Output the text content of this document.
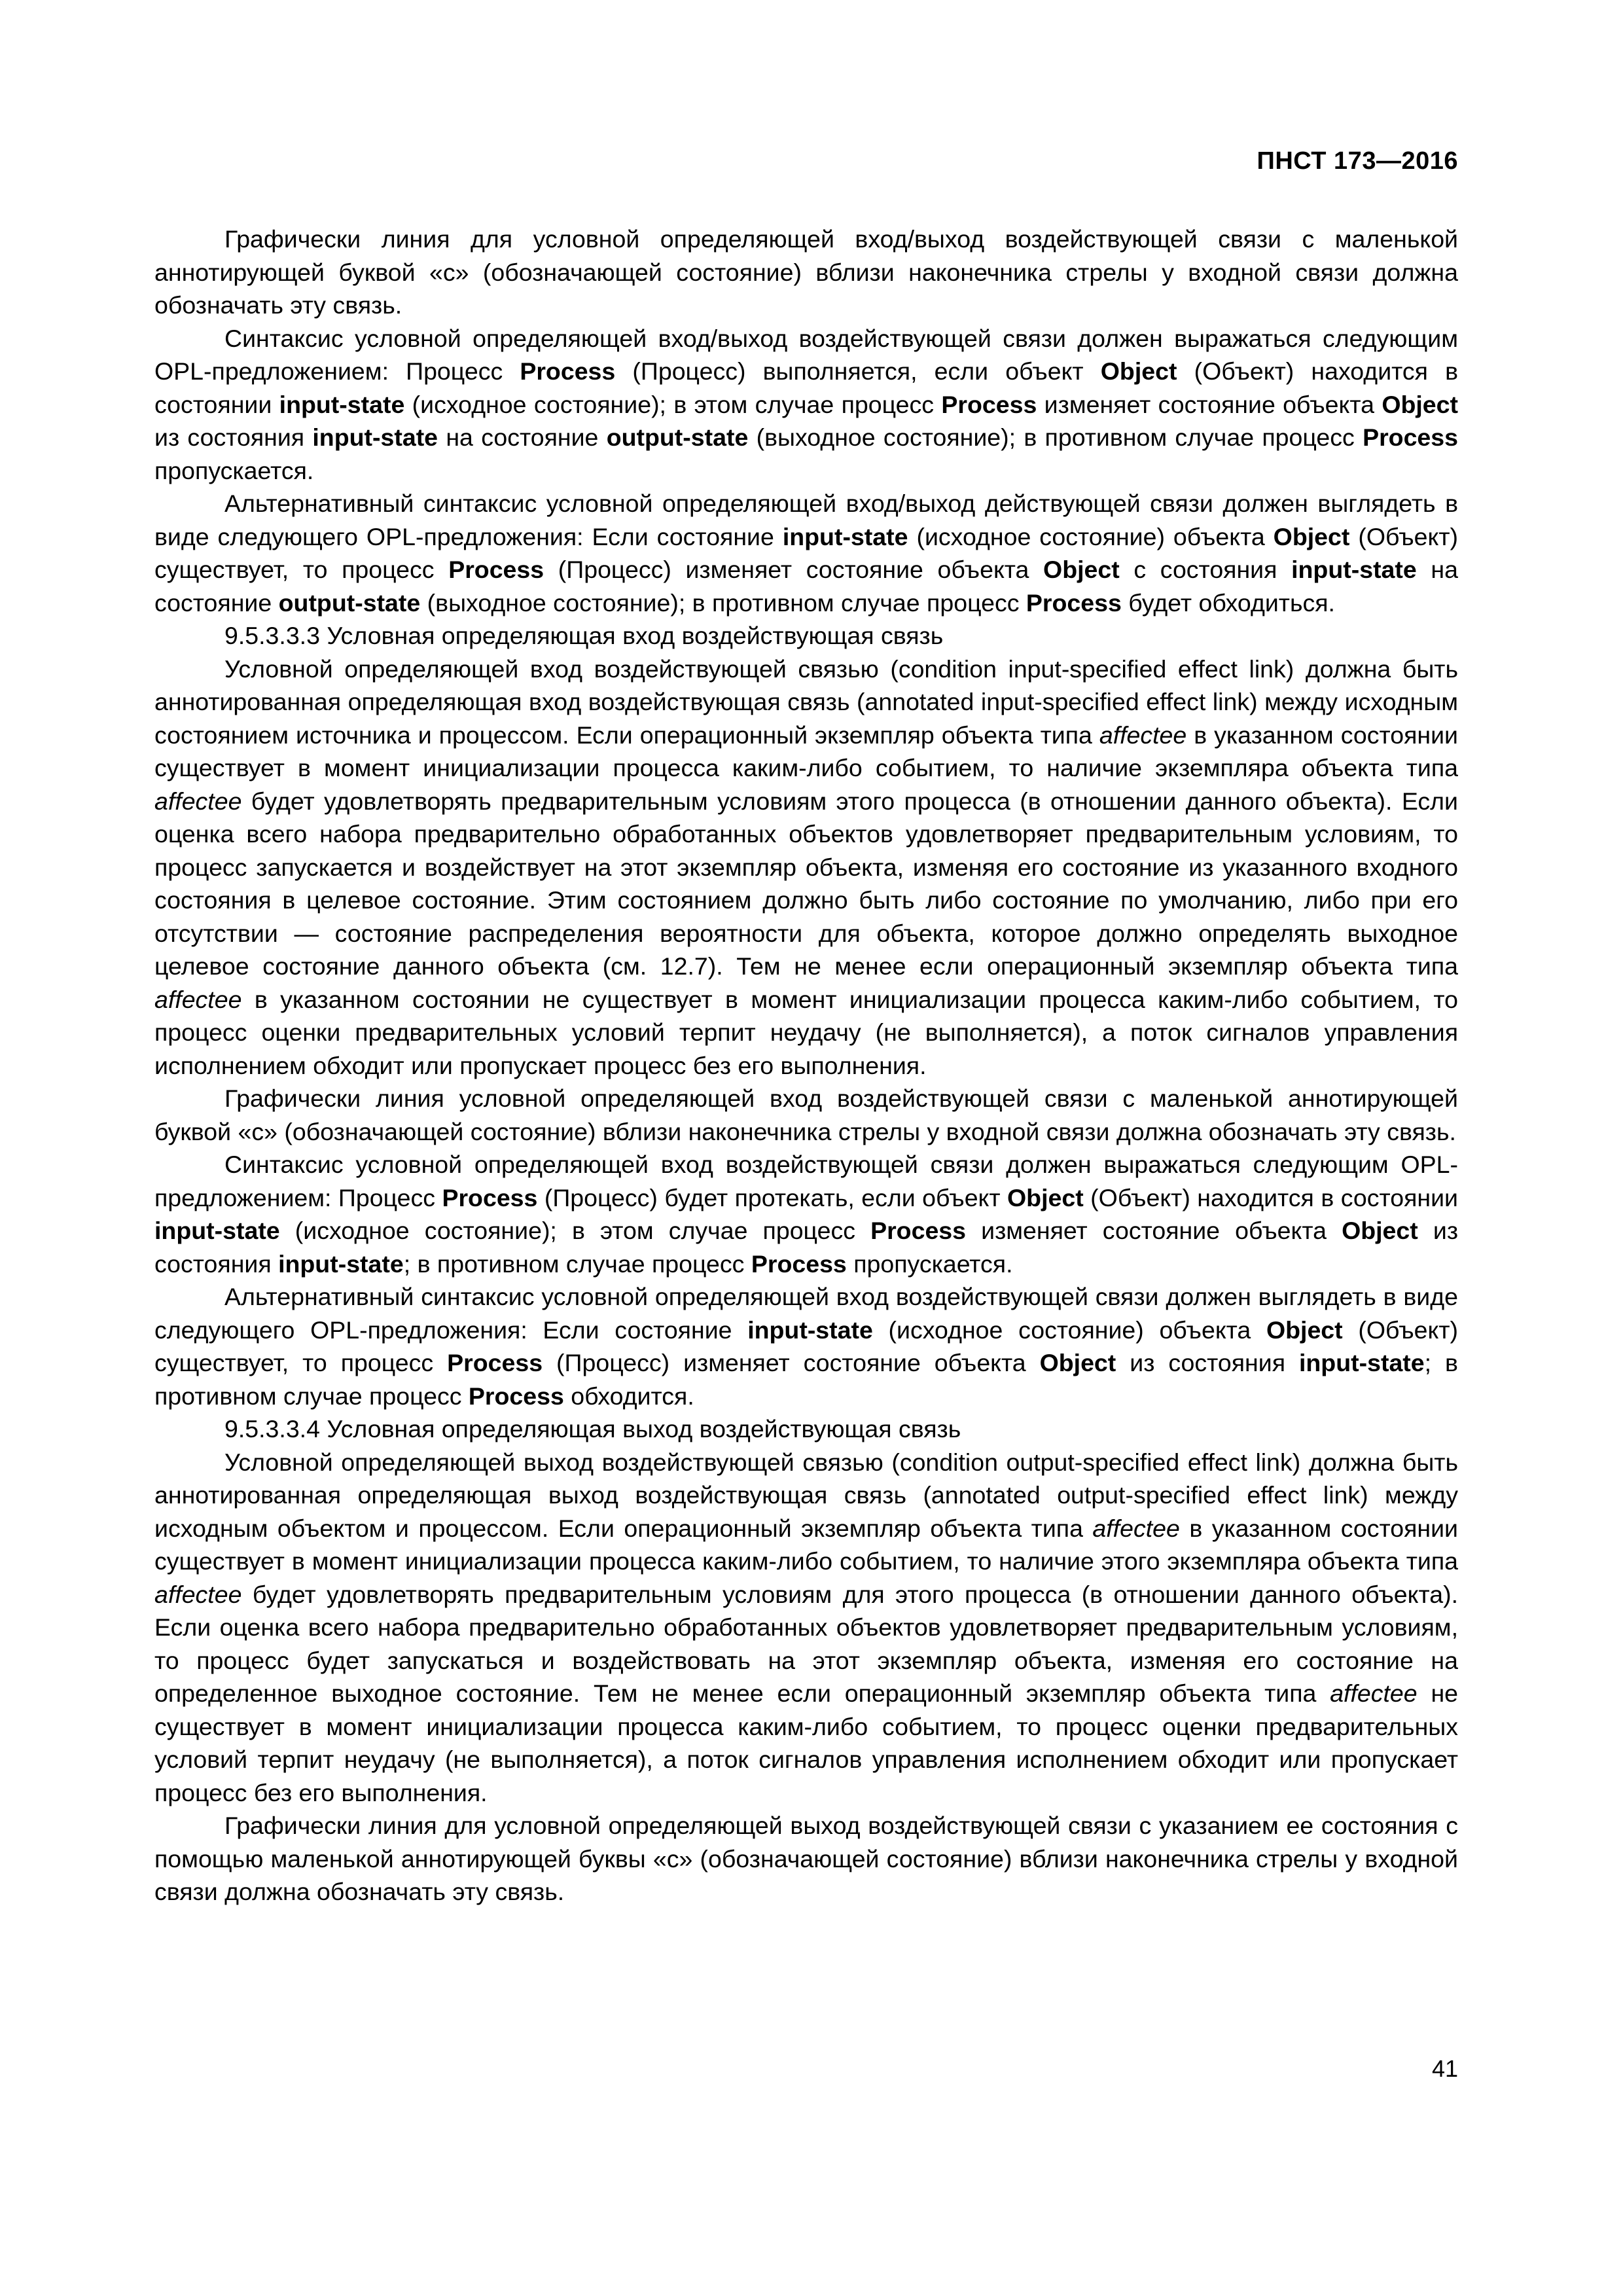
ПНСТ 173—2016

Графически линия для условной определяющей вход/выход воздействующей связи с маленькой аннотирующей буквой «с» (обозначающей состояние) вблизи наконечника стрелы у входной связи должна обозначать эту связь.

Синтаксис условной определяющей вход/выход воздействующей связи должен выражаться следующим OPL-предложением: Процесс Process (Процесс) выполняется, если объект Object (Объект) находится в состоянии input-state (исходное состояние); в этом случае процесс Process изменяет состояние объекта Object из состояния input-state на состояние output-state (выходное состояние); в противном случае процесс Process пропускается.

Альтернативный синтаксис условной определяющей вход/выход действующей связи должен выглядеть в виде следующего OPL-предложения: Если состояние input-state (исходное состояние) объекта Object (Объект) существует, то процесс Process (Процесс) изменяет состояние объекта Object с состояния input-state на состояние output-state (выходное состояние); в противном случае процесс Process будет обходиться.

9.5.3.3.3 Условная определяющая вход воздействующая связь

Условной определяющей вход воздействующей связью (condition input-specified effect link) должна быть аннотированная определяющая вход воздействующая связь (annotated input-specified effect link) между исходным состоянием источника и процессом. Если операционный экземпляр объекта типа affectee в указанном состоянии существует в момент инициализации процесса каким-либо событием, то наличие экземпляра объекта типа affectee будет удовлетворять предварительным условиям этого процесса (в отношении данного объекта). Если оценка всего набора предварительно обработанных объектов удовлетворяет предварительным условиям, то процесс запускается и воздействует на этот экземпляр объекта, изменяя его состояние из указанного входного состояния в целевое состояние. Этим состоянием должно быть либо состояние по умолчанию, либо при его отсутствии — состояние распределения вероятности для объекта, которое должно определять выходное целевое состояние данного объекта (см. 12.7). Тем не менее если операционный экземпляр объекта типа affectee в указанном состоянии не существует в момент инициализации процесса каким-либо событием, то процесс оценки предварительных условий терпит неудачу (не выполняется), а поток сигналов управления исполнением обходит или пропускает процесс без его выполнения.

Графически линия условной определяющей вход воздействующей связи с маленькой аннотирующей буквой «с» (обозначающей состояние) вблизи наконечника стрелы у входной связи должна обозначать эту связь.

Синтаксис условной определяющей вход воздействующей связи должен выражаться следующим OPL-предложением: Процесс Process (Процесс) будет протекать, если объект Object (Объект) находится в состоянии input-state (исходное состояние); в этом случае процесс Process изменяет состояние объекта Object из состояния input-state; в противном случае процесс Process пропускается.

Альтернативный синтаксис условной определяющей вход воздействующей связи должен выглядеть в виде следующего OPL-предложения: Если состояние input-state (исходное состояние) объекта Object (Объект) существует, то процесс Process (Процесс) изменяет состояние объекта Object из состояния input-state; в противном случае процесс Process обходится.

9.5.3.3.4 Условная определяющая выход воздействующая связь

Условной определяющей выход воздействующей связью (condition output-specified effect link) должна быть аннотированная определяющая выход воздействующая связь (annotated output-specified effect link) между исходным объектом и процессом. Если операционный экземпляр объекта типа affectee в указанном состоянии существует в момент инициализации процесса каким-либо событием, то наличие этого экземпляра объекта типа affectee будет удовлетворять предварительным условиям для этого процесса (в отношении данного объекта). Если оценка всего набора предварительно обработанных объектов удовлетворяет предварительным условиям, то процесс будет запускаться и воздействовать на этот экземпляр объекта, изменяя его состояние на определенное выходное состояние. Тем не менее если операционный экземпляр объекта типа affectee не существует в момент инициализации процесса каким-либо событием, то процесс оценки предварительных условий терпит неудачу (не выполняется), а поток сигналов управления исполнением обходит или пропускает процесс без его выполнения.

Графически линия для условной определяющей выход воздействующей связи с указанием ее состояния с помощью маленькой аннотирующей буквы «с» (обозначающей состояние) вблизи наконечника стрелы у входной связи должна обозначать эту связь.

41
